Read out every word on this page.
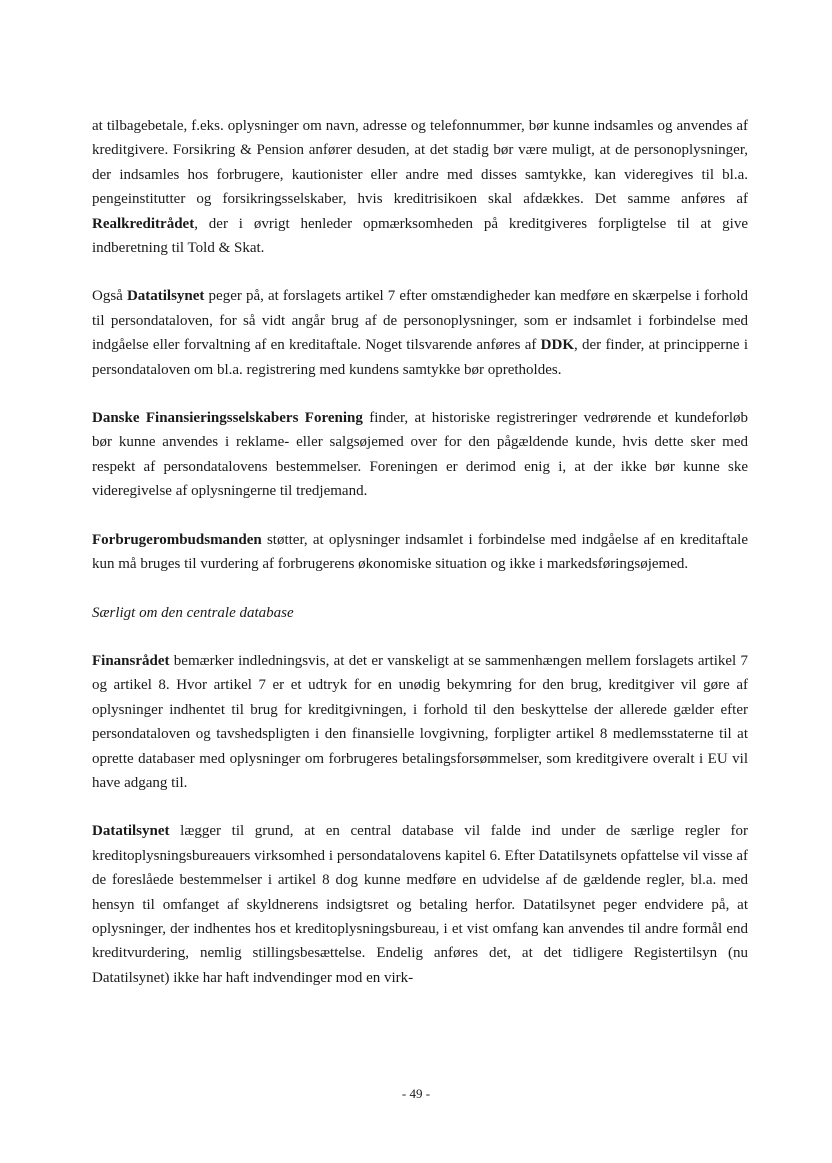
at tilbagebetale, f.eks. oplysninger om navn, adresse og telefonnummer, bør kunne indsamles og anvendes af kreditgivere. Forsikring & Pension anfører desuden, at det stadig bør være muligt, at de personoplysninger, der indsamles hos forbrugere, kautionister eller andre med disses samtykke, kan videregives til bl.a. pengeinstitutter og forsikringsselskaber, hvis kreditrisikoen skal afdækkes. Det samme anføres af Realkreditrådet, der i øvrigt henleder opmærksomheden på kreditgiveres forpligtelse til at give indberetning til Told & Skat.

Også Datatilsynet peger på, at forslagets artikel 7 efter omstændigheder kan medføre en skærpelse i forhold til persondataloven, for så vidt angår brug af de personoplysninger, som er indsamlet i forbindelse med indgåelse eller forvaltning af en kreditaftale. Noget tilsvarende anføres af DDK, der finder, at principperne i persondataloven om bl.a. registrering med kundens samtykke bør opretholdes.

Danske Finansieringsselskabers Forening finder, at historiske registreringer vedrørende et kundeforløb bør kunne anvendes i reklame- eller salgsøjemed over for den pågældende kunde, hvis dette sker med respekt af persondatalovens bestemmelser. Foreningen er derimod enig i, at der ikke bør kunne ske videregivelse af oplysningerne til tredjemand.

Forbrugerombudsmanden støtter, at oplysninger indsamlet i forbindelse med indgåelse af en kreditaftale kun må bruges til vurdering af forbrugerens økonomiske situation og ikke i markedsføringsøjemed.

Særligt om den centrale database

Finansrådet bemærker indledningsvis, at det er vanskeligt at se sammenhængen mellem forslagets artikel 7 og artikel 8. Hvor artikel 7 er et udtryk for en unødig bekymring for den brug, kreditgiver vil gøre af oplysninger indhentet til brug for kreditgivningen, i forhold til den beskyttelse der allerede gælder efter persondataloven og tavshedspligten i den finansielle lovgivning, forpligter artikel 8 medlemsstaterne til at oprette databaser med oplysninger om forbrugeres betalingsforsømmelser, som kreditgivere overalt i EU vil have adgang til.

Datatilsynet lægger til grund, at en central database vil falde ind under de særlige regler for kreditoplysningsbureauers virksomhed i persondatalovens kapitel 6. Efter Datatilsynets opfattelse vil visse af de foreslåede bestemmelser i artikel 8 dog kunne medføre en udvidelse af de gældende regler, bl.a. med hensyn til omfanget af skyldnerens indsigtsret og betaling herfor. Datatilsynet peger endvidere på, at oplysninger, der indhentes hos et kreditoplysningsbureau, i et vist omfang kan anvendes til andre formål end kreditvurdering, nemlig stillingsbesættelse. Endelig anføres det, at det tidligere Registertilsyn (nu Datatilsynet) ikke har haft indvendinger mod en virk-

- 49 -
